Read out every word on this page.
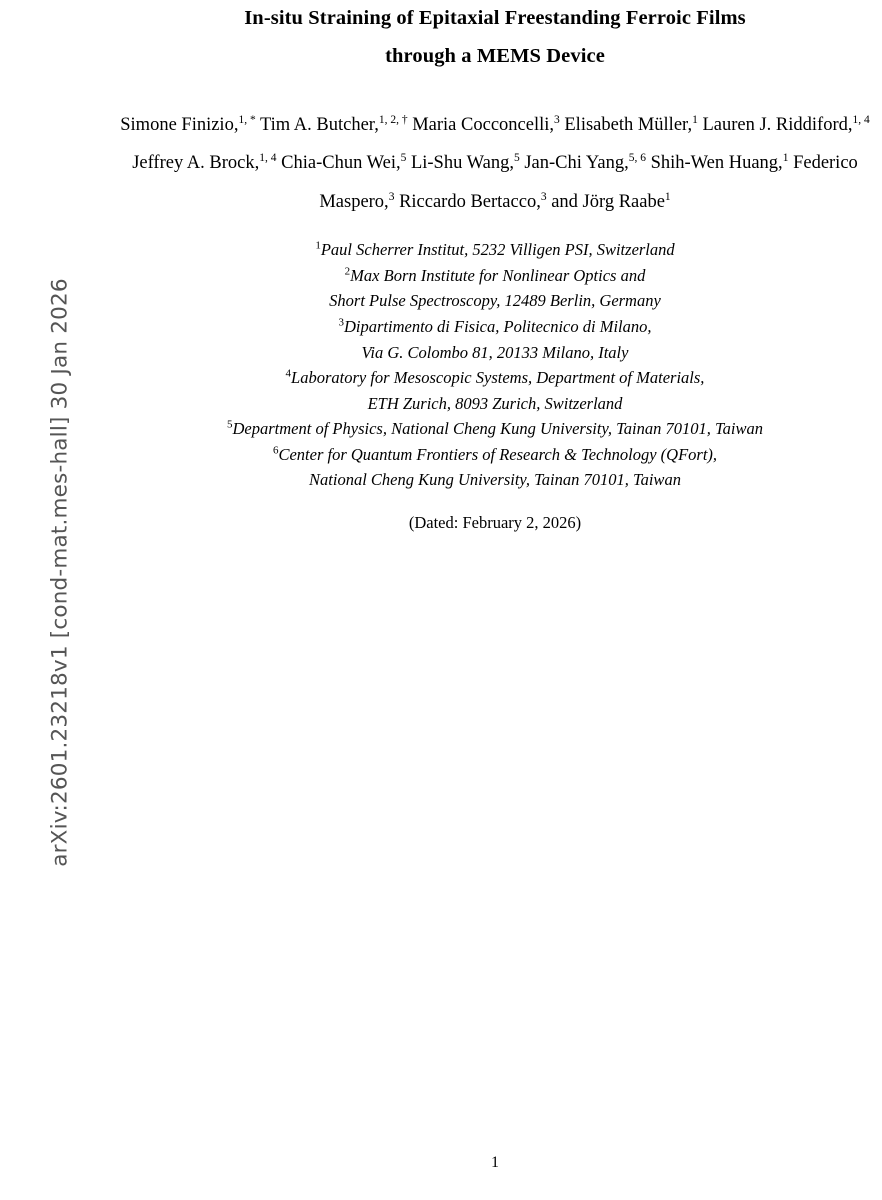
arXiv:2601.23218v1 [cond-mat.mes-hall] 30 Jan 2026
In-situ Straining of Epitaxial Freestanding Ferroic Films
through a MEMS Device
Simone Finizio,$^{1, *}$ Tim A. Butcher,$^{1, 2, \dagger}$ Maria Cocconcelli,$^3$ Elisabeth Müller,$^1$ Lauren J. Riddiford,$^{1, 4}$ Jeffrey A. Brock,$^{1, 4}$ Chia-Chun Wei,$^5$ Li-Shu Wang,$^5$ Jan-Chi Yang,$^{5, 6}$ Shih-Wen Huang,$^1$ Federico Maspero,$^3$ Riccardo Bertacco,$^3$ and Jörg Raabe$^1$
$^1$Paul Scherrer Institut, 5232 Villigen PSI, Switzerland
$^2$Max Born Institute for Nonlinear Optics and
Short Pulse Spectroscopy, 12489 Berlin, Germany
$^3$Dipartimento di Fisica, Politecnico di Milano,
Via G. Colombo 81, 20133 Milano, Italy
$^4$Laboratory for Mesoscopic Systems, Department of Materials,
ETH Zurich, 8093 Zurich, Switzerland
$^5$Department of Physics, National Cheng Kung University, Tainan 70101, Taiwan
$^6$Center for Quantum Frontiers of Research & Technology (QFort),
National Cheng Kung University, Tainan 70101, Taiwan
(Dated: February 2, 2026)
1
